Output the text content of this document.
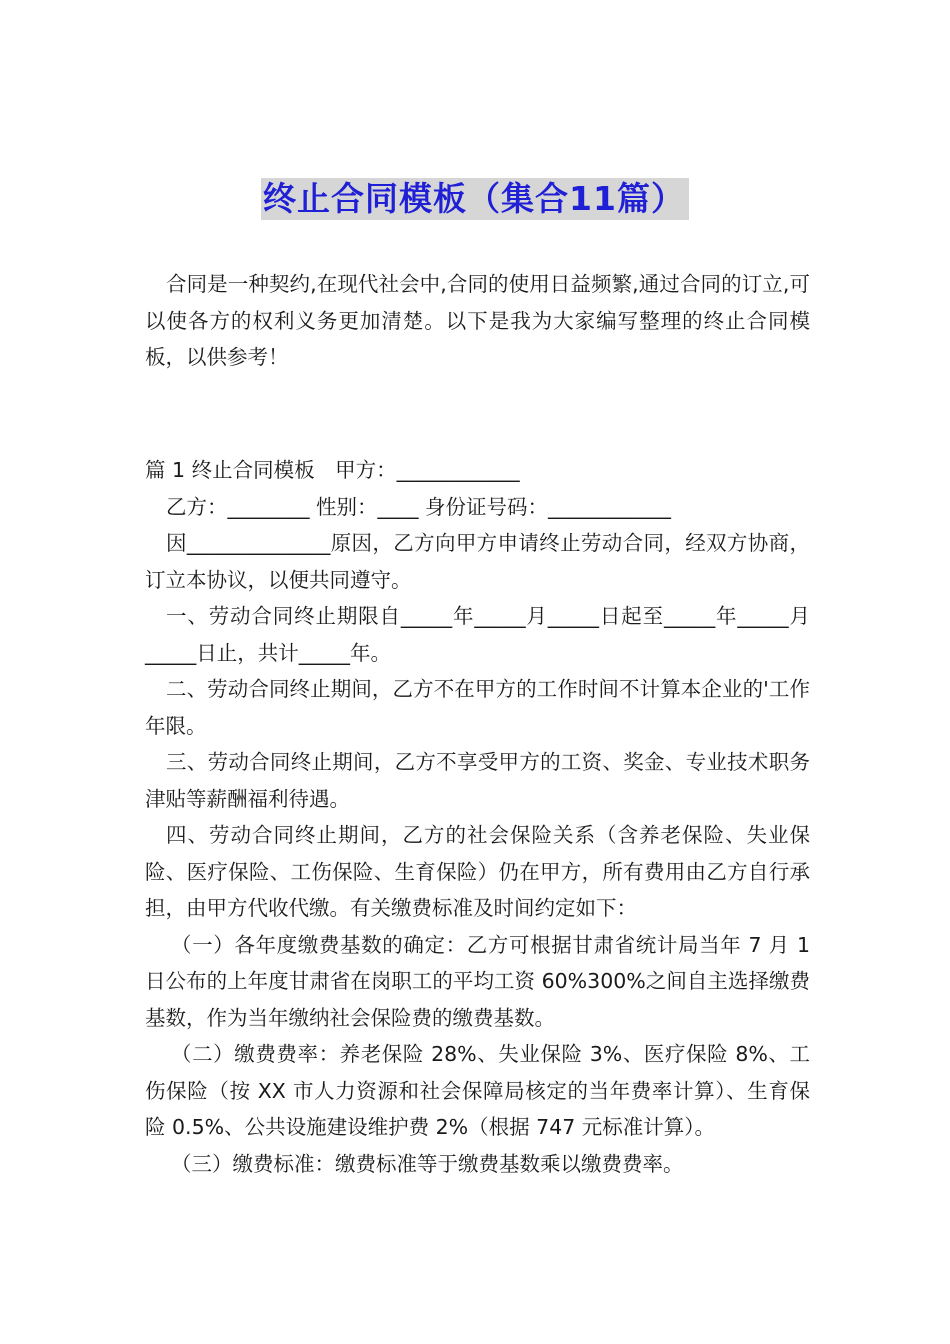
终止合同模板（集合11篇）

合同是一种契约,在现代社会中,合同的使用日益频繁,通过合同的订立,可以使各方的权利义务更加清楚。以下是我为大家编写整理的终止合同模板，以供参考！

篇 1 终止合同模板　甲方：____________

乙方：________ 性别：____ 身份证号码：____________

因______________原因，乙方向甲方申请终止劳动合同，经双方协商，订立本协议，以便共同遵守。

一、劳动合同终止期限自_____年_____月_____日起至_____年_____月_____日止，共计_____年。

二、劳动合同终止期间，乙方不在甲方的工作时间不计算本企业的'工作年限。

三、劳动合同终止期间，乙方不享受甲方的工资、奖金、专业技术职务津贴等薪酬福利待遇。

四、劳动合同终止期间，乙方的社会保险关系（含养老保险、失业保险、医疗保险、工伤保险、生育保险）仍在甲方，所有费用由乙方自行承担，由甲方代收代缴。有关缴费标准及时间约定如下：

（一）各年度缴费基数的确定：乙方可根据甘肃省统计局当年 7 月 1 日公布的上年度甘肃省在岗职工的平均工资 60%300%之间自主选择缴费基数，作为当年缴纳社会保险费的缴费基数。

（二）缴费费率：养老保险 28%、失业保险 3%、医疗保险 8%、工伤保险（按 XX 市人力资源和社会保障局核定的当年费率计算）、生育保险 0.5%、公共设施建设维护费 2%（根据 747 元标准计算）。

（三）缴费标准：缴费标准等于缴费基数乘以缴费费率。
